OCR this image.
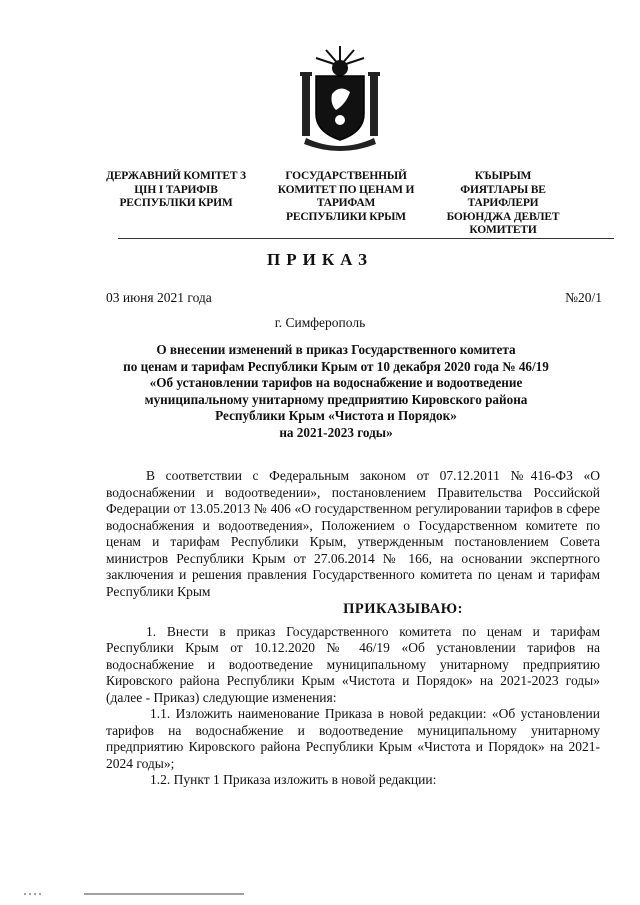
ДЕРЖАВНИЙ КОМІТЕТ З
ЦІН І ТАРИФІВ
РЕСПУБЛІКИ КРИМ
ГОСУДАРСТВЕННЫЙ
КОМИТЕТ ПО ЦЕНАМ И
ТАРИФАМ
РЕСПУБЛИКИ КРЫМ
КЪЫРЫМ
ФИЯТЛАРЫ ВЕ ТАРИФЛЕРИ
БОЮНДЖА ДЕВЛЕТ
КОМИТЕТИ
ПРИКАЗ
03 июня 2021 года	№20/1
г. Симферополь
О внесении изменений в приказ Государственного комитета
по ценам и тарифам Республики Крым от 10 декабря 2020 года № 46/19
«Об установлении тарифов на водоснабжение и водоотведение
муниципальному унитарному предприятию Кировского района
Республики Крым «Чистота и Порядок»
на 2021-2023 годы»

В соответствии с Федеральным законом от 07.12.2011 №416-ФЗ «О водоснабжении и водоотведении», постановлением Правительства Российской Федерации от 13.05.2013 № 406 «О государственном регулировании тарифов в сфере водоснабжения и водоотведения», Положением о Государственном комитете по ценам и тарифам Республики Крым, утвержденным постановлением Совета министров Республики Крым от 27.06.2014 № 166, на основании экспертного заключения и решения правления Государственного комитета по ценам и тарифам Республики Крым

ПРИКАЗЫВАЮ:

1. Внести в приказ Государственного комитета по ценам и тарифам Республики Крым от 10.12.2020 № 46/19 «Об установлении тарифов на водоснабжение и водоотведение муниципальному унитарному предприятию Кировского района Республики Крым «Чистота и Порядок» на 2021-2023 годы» (далее - Приказ) следующие изменения:

1.1. Изложить наименование Приказа в новой редакции: «Об установлении тарифов на водоснабжение и водоотведение муниципальному унитарному предприятию Кировского района Республики Крым «Чистота и Порядок» на 2021-2024 годы»;

1.2. Пункт 1 Приказа изложить в новой редакции:
